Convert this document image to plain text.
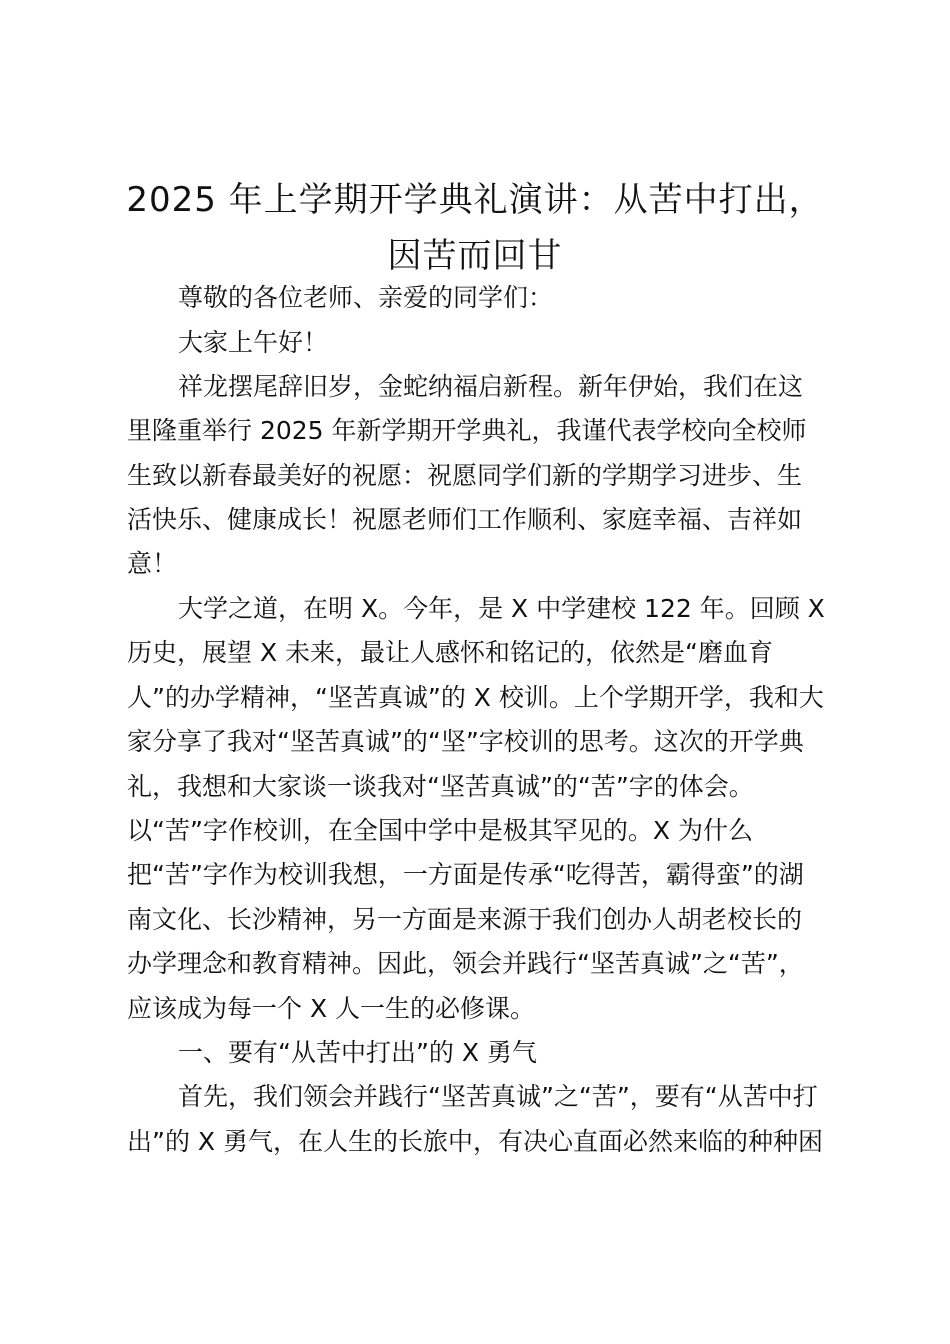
2025 年上学期开学典礼演讲：从苦中打出，
因苦而回甘
尊敬的各位老师、亲爱的同学们：
大家上午好！
祥龙摆尾辞旧岁，金蛇纳福启新程。新年伊始，我们在这
里隆重举行 2025 年新学期开学典礼，我谨代表学校向全校师
生致以新春最美好的祝愿：祝愿同学们新的学期学习进步、生
活快乐、健康成长！祝愿老师们工作顺利、家庭幸福、吉祥如
意！
大学之道，在明 X。今年，是 X 中学建校 122 年。回顾 X
历史，展望 X 未来，最让人感怀和铭记的，依然是“磨血育
人”的办学精神，“坚苦真诚”的 X 校训。上个学期开学，我和大
家分享了我对“坚苦真诚”的“坚”字校训的思考。这次的开学典
礼，我想和大家谈一谈我对“坚苦真诚”的“苦”字的体会。
以“苦”字作校训，在全国中学中是极其罕见的。X 为什么
把“苦”字作为校训我想，一方面是传承“吃得苦，霸得蛮”的湖
南文化、长沙精神，另一方面是来源于我们创办人胡老校长的
办学理念和教育精神。因此，领会并践行“坚苦真诚”之“苦”，
应该成为每一个 X 人一生的必修课。
一、要有“从苦中打出”的 X 勇气
首先，我们领会并践行“坚苦真诚”之“苦”，要有“从苦中打
出”的 X 勇气，在人生的长旅中，有决心直面必然来临的种种困
